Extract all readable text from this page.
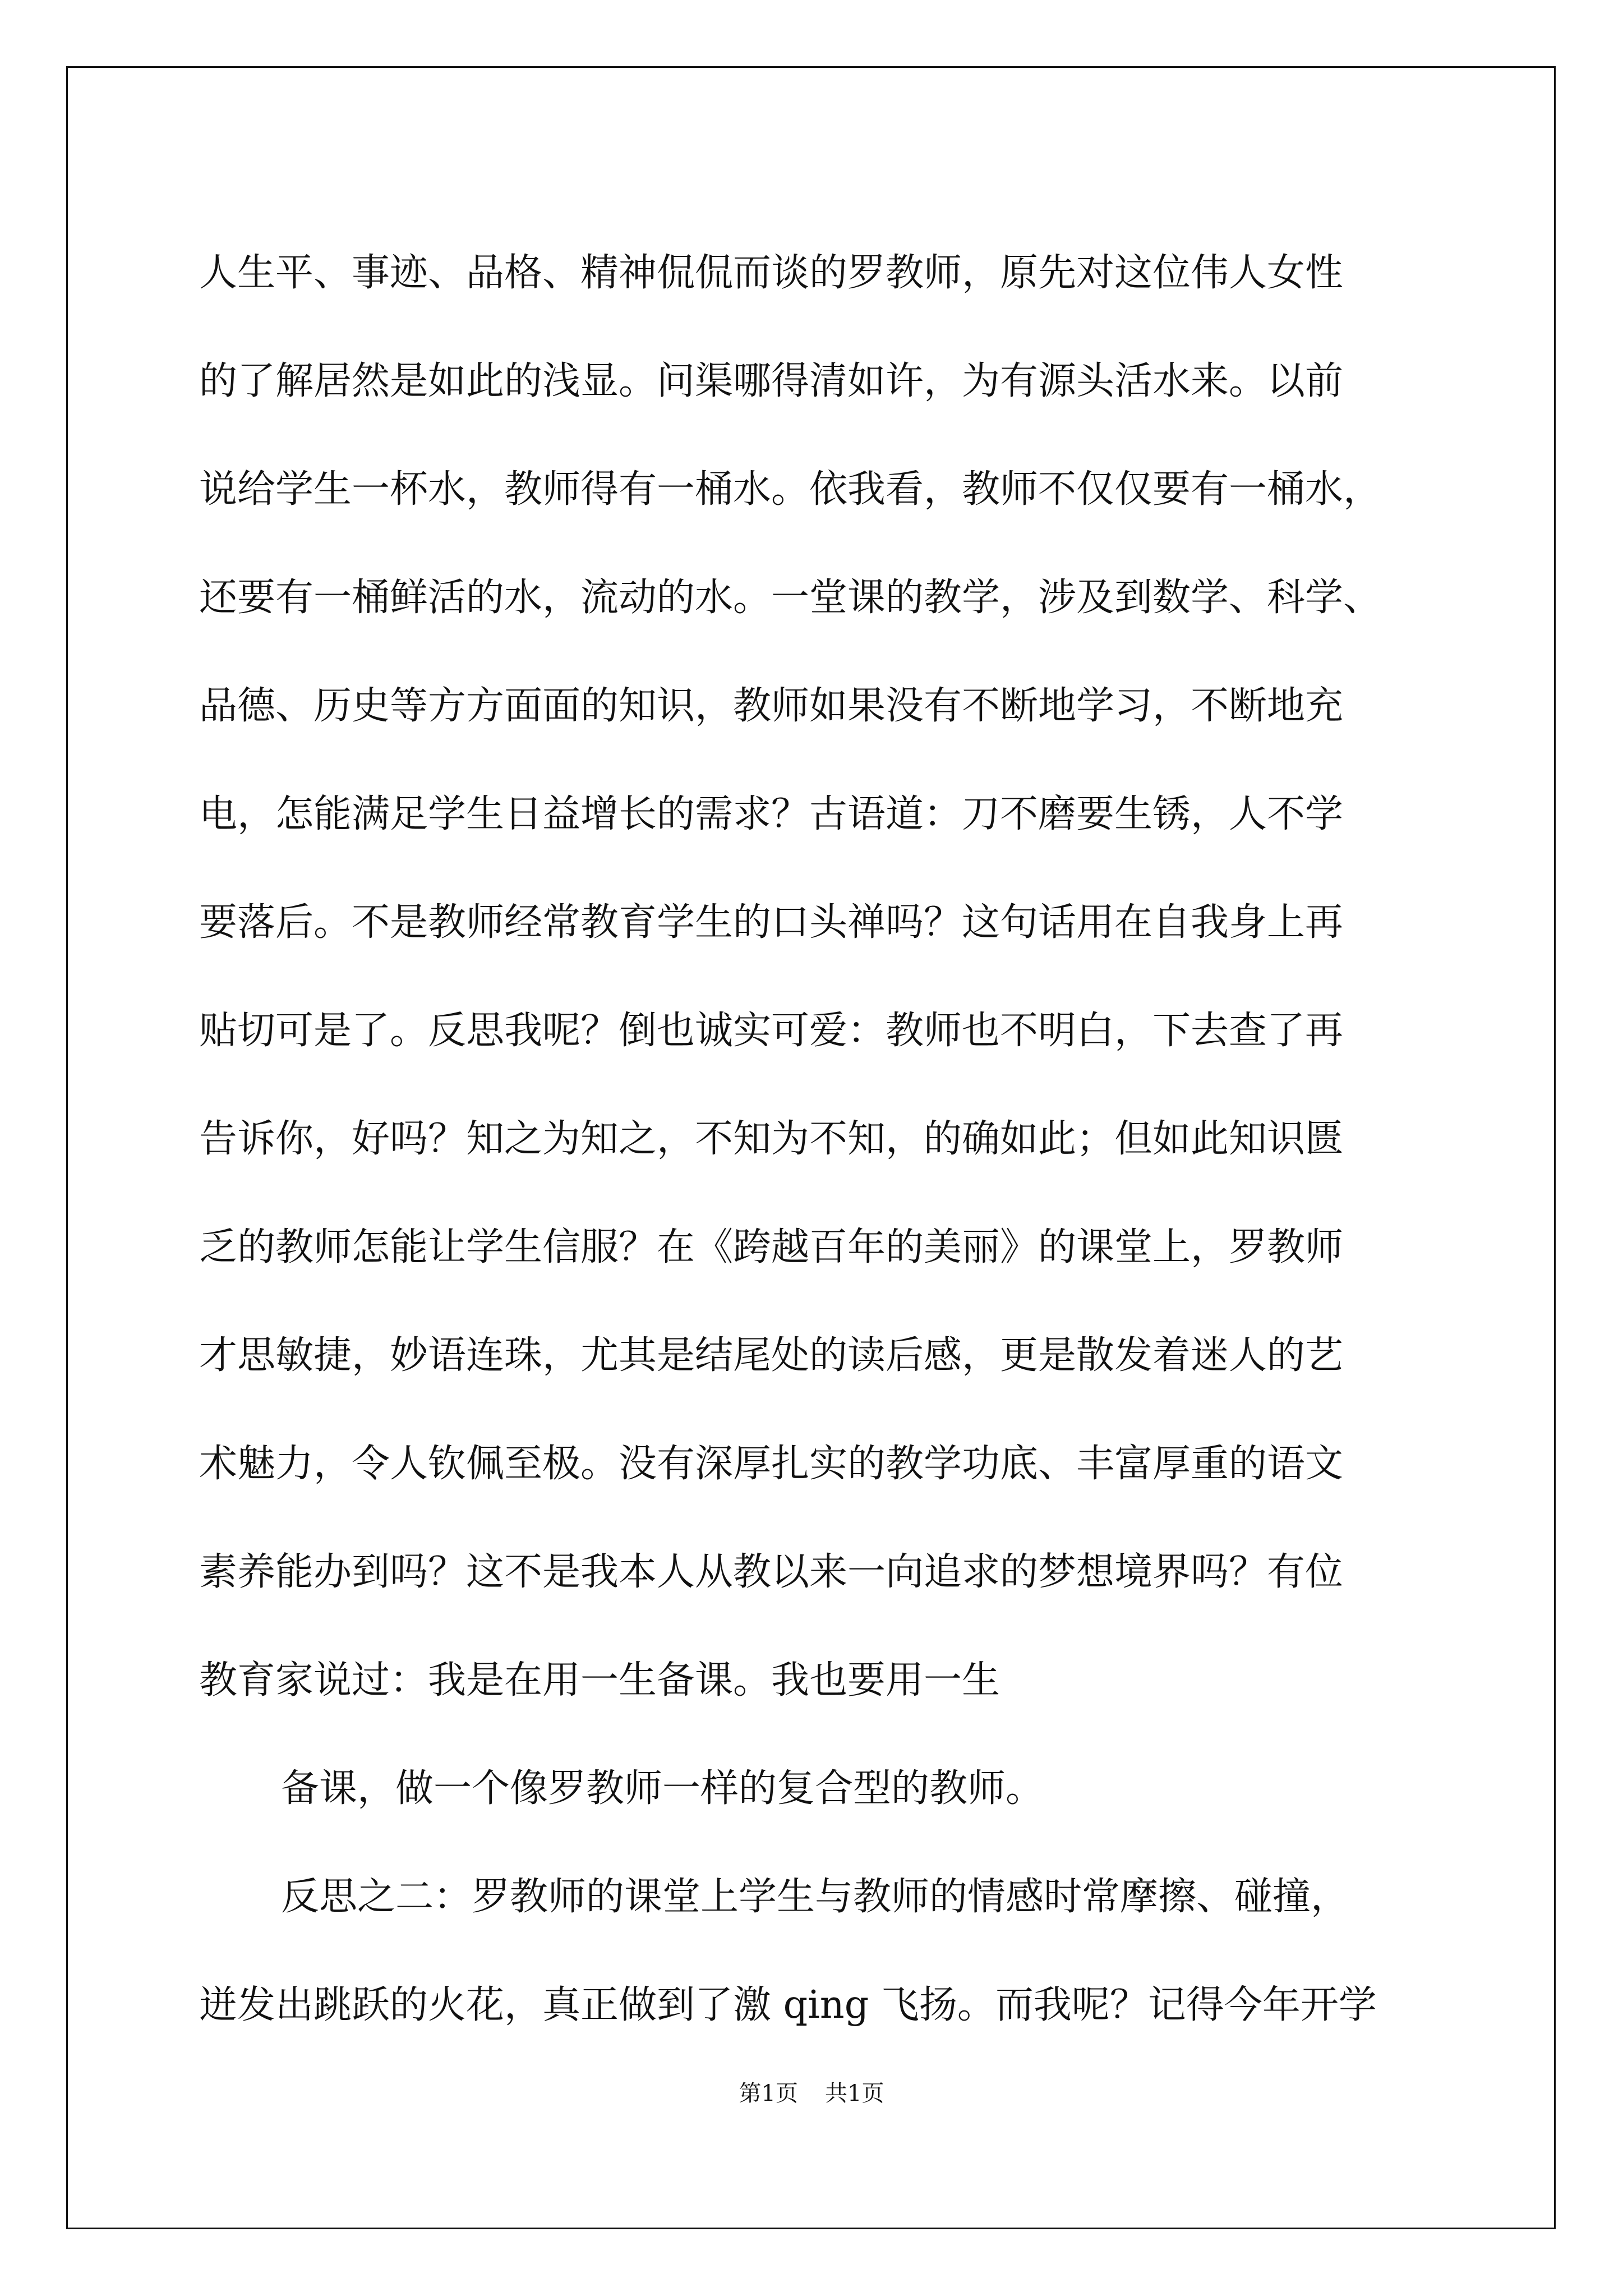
人生平、事迹、品格、精神侃侃而谈的罗教师，原先对这位伟人女性
的了解居然是如此的浅显。问渠哪得清如许，为有源头活水来。以前
说给学生一杯水，教师得有一桶水。依我看，教师不仅仅要有一桶水，
还要有一桶鲜活的水，流动的水。一堂课的教学，涉及到数学、科学、
品德、历史等方方面面的知识，教师如果没有不断地学习，不断地充
电，怎能满足学生日益增长的需求？古语道：刀不磨要生锈，人不学
要落后。不是教师经常教育学生的口头禅吗？这句话用在自我身上再
贴切可是了。反思我呢？倒也诚实可爱：教师也不明白，下去查了再
告诉你，好吗？知之为知之，不知为不知，的确如此；但如此知识匮
乏的教师怎能让学生信服？在《跨越百年的美丽》的课堂上，罗教师
才思敏捷，妙语连珠，尤其是结尾处的读后感，更是散发着迷人的艺
术魅力，令人钦佩至极。没有深厚扎实的教学功底、丰富厚重的语文
素养能办到吗？这不是我本人从教以来一向追求的梦想境界吗？有位
教育家说过：我是在用一生备课。我也要用一生
备课，做一个像罗教师一样的复合型的教师。
反思之二：罗教师的课堂上学生与教师的情感时常摩擦、碰撞，
迸发出跳跃的火花，真正做到了激 qing 飞扬。而我呢？记得今年开学
第1页 共1页
